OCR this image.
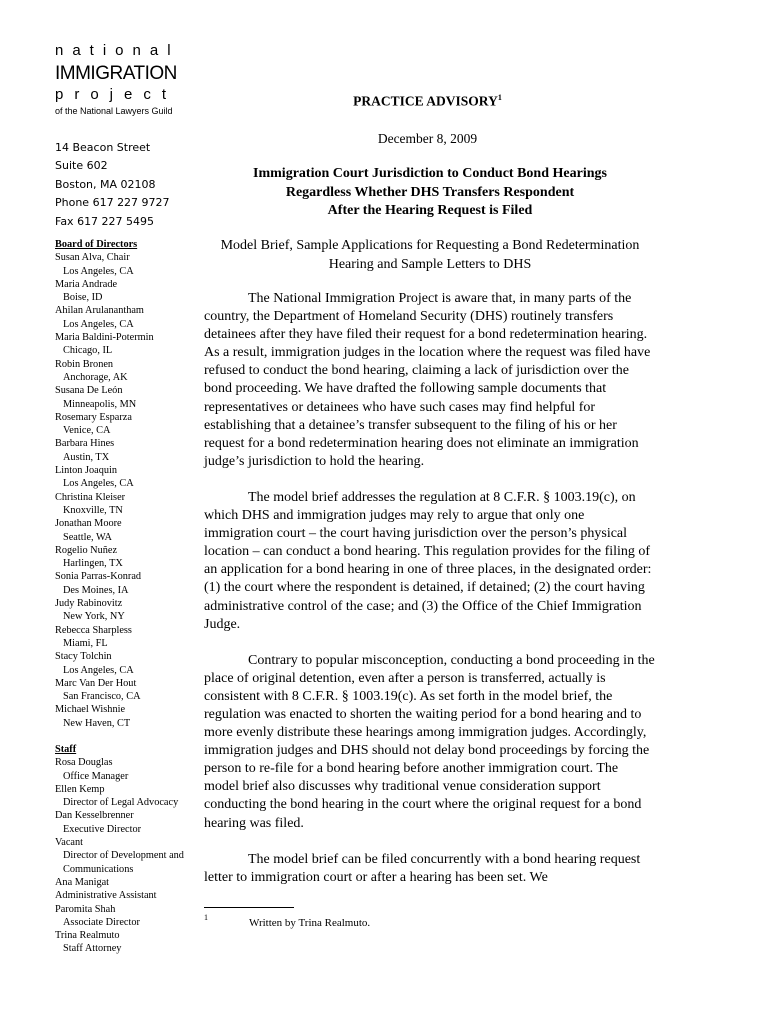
national
IMMIGRATION
project
of the National Lawyers Guild
14 Beacon Street
Suite 602
Boston, MA 02108
Phone 617 227 9727
Fax 617 227 5495
Board of Directors
Susan Alva, Chair
Los Angeles, CA
Maria Andrade
Boise, ID
Ahilan Arulanantham
Los Angeles, CA
Maria Baldini-Potermin
Chicago, IL
Robin Bronen
Anchorage, AK
Susana De León
Minneapolis, MN
Rosemary Esparza
Venice, CA
Barbara Hines
Austin, TX
Linton Joaquin
Los Angeles, CA
Christina Kleiser
Knoxville, TN
Jonathan Moore
Seattle, WA
Rogelio Nuñez
Harlingen, TX
Sonia Parras-Konrad
Des Moines, IA
Judy Rabinovitz
New York, NY
Rebecca Sharpless
Miami, FL
Stacy Tolchin
Los Angeles, CA
Marc Van Der Hout
San Francisco, CA
Michael Wishnie
New Haven, CT
Staff
Rosa Douglas
Office Manager
Ellen Kemp
Director of Legal Advocacy
Dan Kesselbrenner
Executive Director
Vacant
Director of Development and Communications
Ana Manigat
Administrative Assistant
Paromita Shah
Associate Director
Trina Realmuto
Staff Attorney
PRACTICE ADVISORY$^1$
December 8, 2009
Immigration Court Jurisdiction to Conduct Bond Hearings
Regardless Whether DHS Transfers Respondent
After the Hearing Request is Filed
Model Brief, Sample Applications for Requesting a Bond Redetermination Hearing and Sample Letters to DHS

The National Immigration Project is aware that, in many parts of the country, the Department of Homeland Security (DHS) routinely transfers detainees after they have filed their request for a bond redetermination hearing. As a result, immigration judges in the location where the request was filed have refused to conduct the bond hearing, claiming a lack of jurisdiction over the bond proceeding. We have drafted the following sample documents that representatives or detainees who have such cases may find helpful for establishing that a detainee’s transfer subsequent to the filing of his or her request for a bond redetermination hearing does not eliminate an immigration judge’s jurisdiction to hold the hearing.

The model brief addresses the regulation at 8 C.F.R. § 1003.19(c), on which DHS and immigration judges may rely to argue that only one immigration court – the court having jurisdiction over the person’s physical location – can conduct a bond hearing. This regulation provides for the filing of an application for a bond hearing in one of three places, in the designated order: (1) the court where the respondent is detained, if detained; (2) the court having administrative control of the case; and (3) the Office of the Chief Immigration Judge.

Contrary to popular misconception, conducting a bond proceeding in the place of original detention, even after a person is transferred, actually is consistent with 8 C.F.R. § 1003.19(c). As set forth in the model brief, the regulation was enacted to shorten the waiting period for a bond hearing and to more evenly distribute these hearings among immigration judges. Accordingly, immigration judges and DHS should not delay bond proceedings by forcing the person to re-file for a bond hearing before another immigration court. The model brief also discusses why traditional venue consideration support conducting the bond hearing in the court where the original request for a bond hearing was filed.

The model brief can be filed concurrently with a bond hearing request letter to immigration court or after a hearing has been set. We

1	Written by Trina Realmuto.
